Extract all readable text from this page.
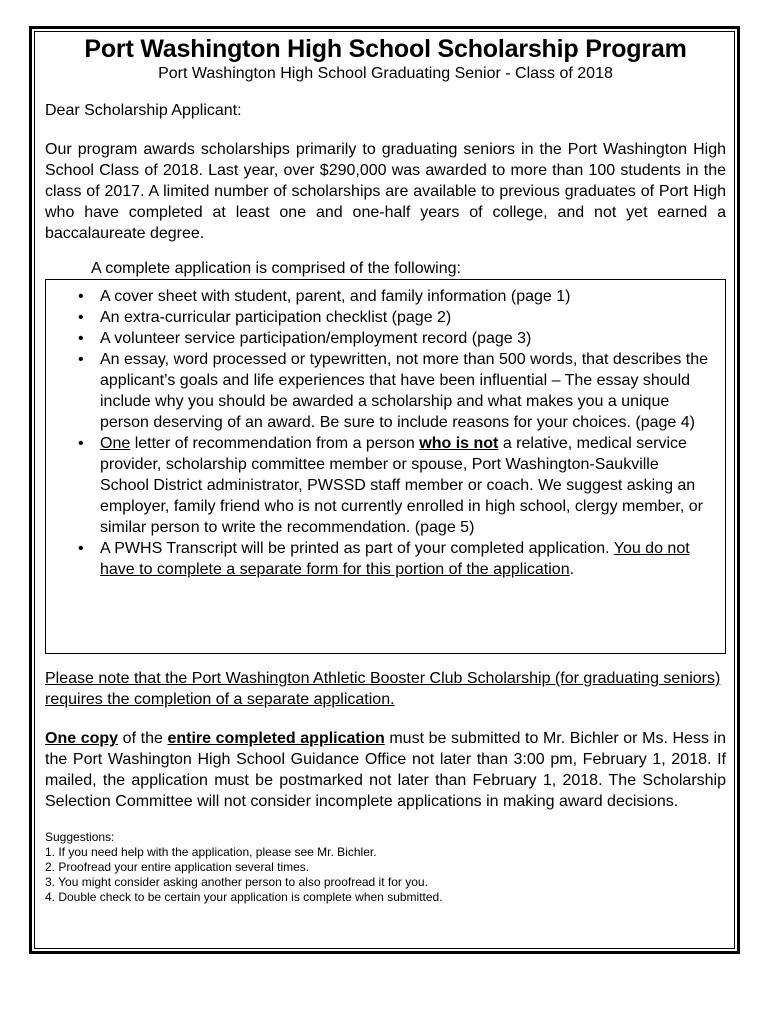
Port Washington High School Scholarship Program

Port Washington High School Graduating Senior - Class of 2018

Dear Scholarship Applicant:

Our program awards scholarships primarily to graduating seniors in the Port Washington High School Class of 2018. Last year, over $290,000 was awarded to more than 100 students in the class of 2017. A limited number of scholarships are available to previous graduates of Port High who have completed at least one and one-half years of college, and not yet earned a baccalaureate degree.

A complete application is comprised of the following:

• A cover sheet with student, parent, and family information (page 1)
• An extra-curricular participation checklist (page 2)
• A volunteer service participation/employment record (page 3)
• An essay, word processed or typewritten, not more than 500 words, that describes the applicant’s goals and life experiences that have been influential – The essay should include why you should be awarded a scholarship and what makes you a unique person deserving of an award. Be sure to include reasons for your choices. (page 4)
• One letter of recommendation from a person who is not a relative, medical service provider, scholarship committee member or spouse, Port Washington-Saukville School District administrator, PWSSD staff member or coach. We suggest asking an employer, family friend who is not currently enrolled in high school, clergy member, or similar person to write the recommendation. (page 5)
• A PWHS Transcript will be printed as part of your completed application. You do not have to complete a separate form for this portion of the application.

Please note that the Port Washington Athletic Booster Club Scholarship (for graduating seniors) requires the completion of a separate application.

One copy of the entire completed application must be submitted to Mr. Bichler or Ms. Hess in the Port Washington High School Guidance Office not later than 3:00 pm, February 1, 2018. If mailed, the application must be postmarked not later than February 1, 2018. The Scholarship Selection Committee will not consider incomplete applications in making award decisions.

Suggestions:
1. If you need help with the application, please see Mr. Bichler.
2. Proofread your entire application several times.
3. You might consider asking another person to also proofread it for you.
4. Double check to be certain your application is complete when submitted.
